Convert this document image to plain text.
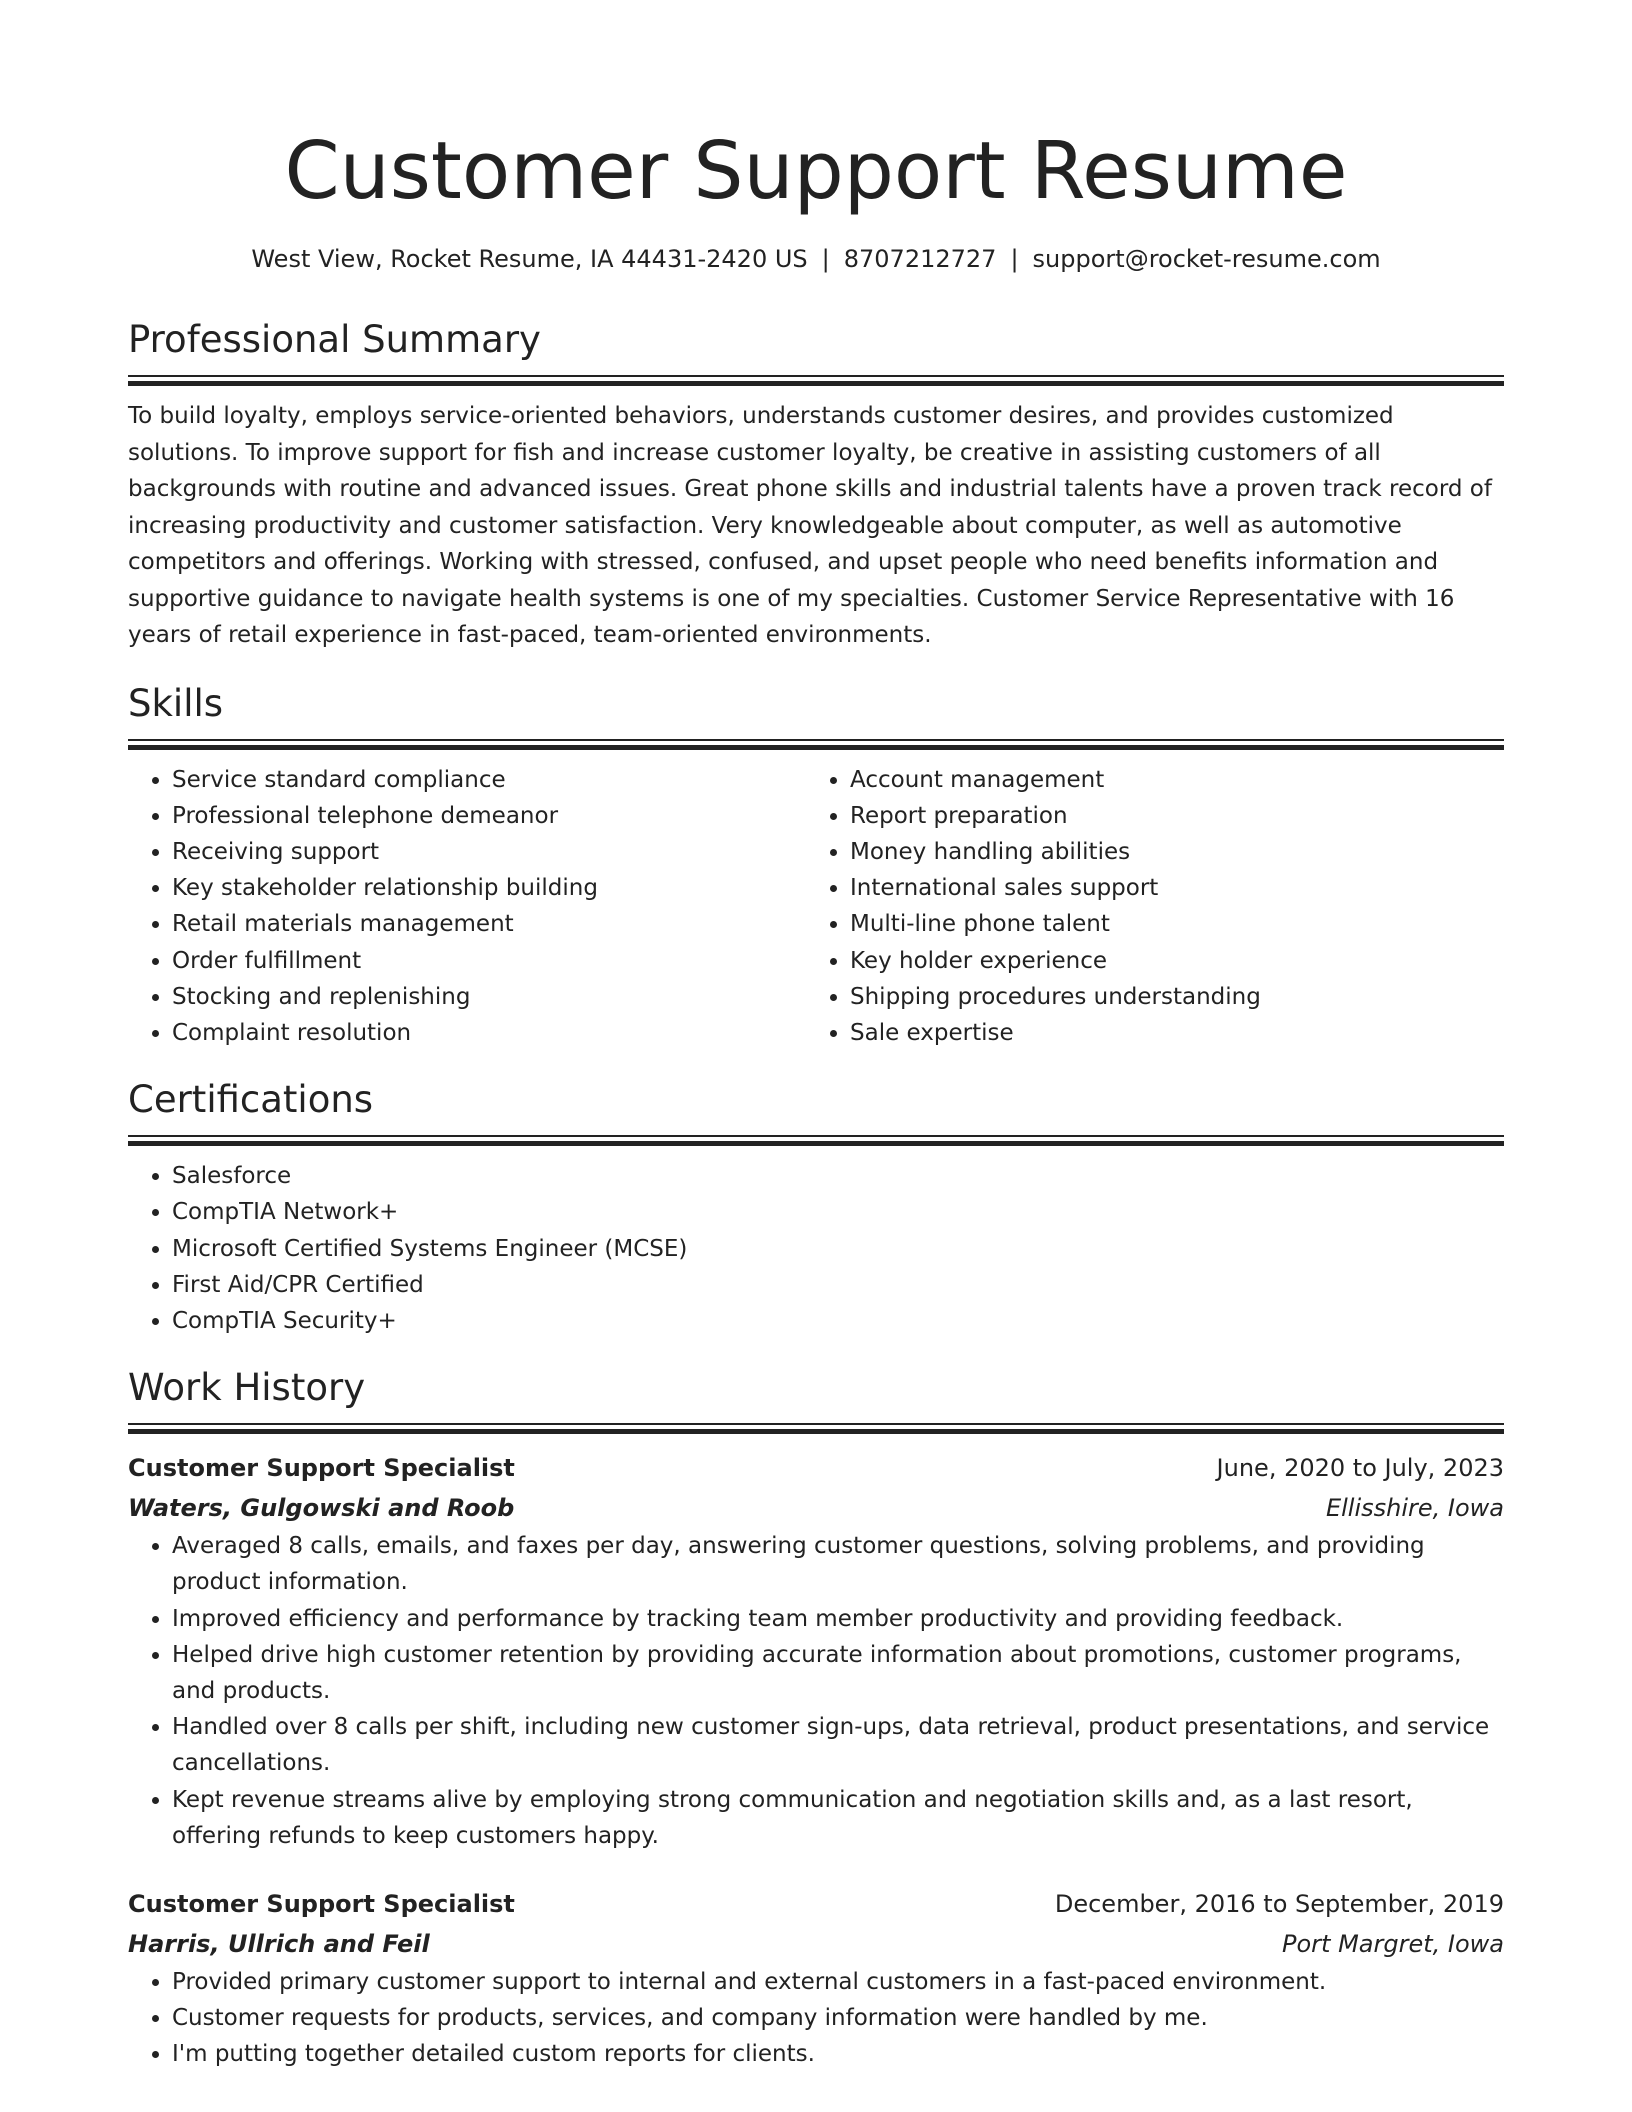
Customer Support Resume
West View, Rocket Resume, IA 44431-2420 US | 8707212727 | support@rocket-resume.com
Professional Summary

To build loyalty, employs service-oriented behaviors, understands customer desires, and provides customized solutions. To improve support for fish and increase customer loyalty, be creative in assisting customers of all backgrounds with routine and advanced issues. Great phone skills and industrial talents have a proven track record of increasing productivity and customer satisfaction. Very knowledgeable about computer, as well as automotive competitors and offerings. Working with stressed, confused, and upset people who need benefits information and supportive guidance to navigate health systems is one of my specialties. Customer Service Representative with 16 years of retail experience in fast-paced, team-oriented environments.

Skills
• Service standard compliance
• Professional telephone demeanor
• Receiving support
• Key stakeholder relationship building
• Retail materials management
• Order fulfillment
• Stocking and replenishing
• Complaint resolution
• Account management
• Report preparation
• Money handling abilities
• International sales support
• Multi-line phone talent
• Key holder experience
• Shipping procedures understanding
• Sale expertise
Certifications
• Salesforce
• CompTIA Network+
• Microsoft Certified Systems Engineer (MCSE)
• First Aid/CPR Certified
• CompTIA Security+
Work History
Customer Support Specialist	June, 2020 to July, 2023
Waters, Gulgowski and Roob	Ellisshire, Iowa
• Averaged 8 calls, emails, and faxes per day, answering customer questions, solving problems, and providing product information.
• Improved efficiency and performance by tracking team member productivity and providing feedback.
• Helped drive high customer retention by providing accurate information about promotions, customer programs, and products.
• Handled over 8 calls per shift, including new customer sign-ups, data retrieval, product presentations, and service cancellations.
• Kept revenue streams alive by employing strong communication and negotiation skills and, as a last resort, offering refunds to keep customers happy.
Customer Support Specialist	December, 2016 to September, 2019
Harris, Ullrich and Feil	Port Margret, Iowa
• Provided primary customer support to internal and external customers in a fast-paced environment.
• Customer requests for products, services, and company information were handled by me.
• I'm putting together detailed custom reports for clients.
